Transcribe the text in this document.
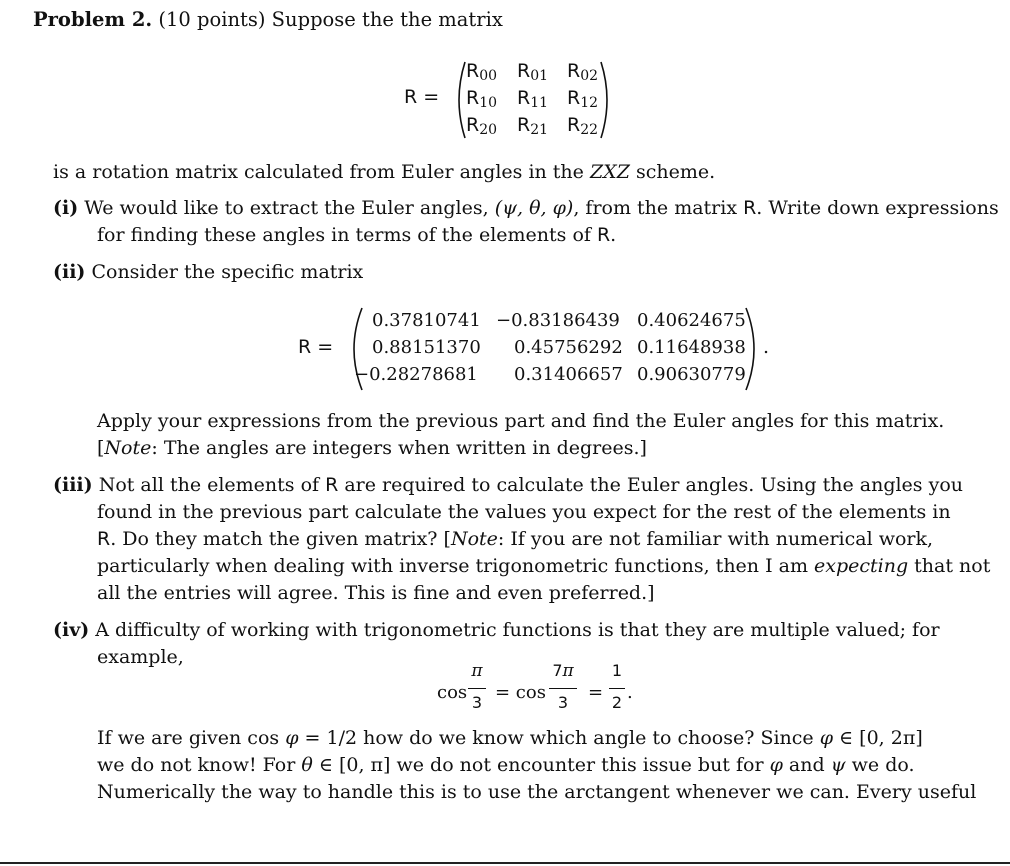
Problem 2. (10 points) Suppose the the matrix
R =
$R_{00}$ $R_{01}$ $R_{02}$
$R_{10}$ $R_{11}$ $R_{12}$
$R_{20}$ $R_{21}$ $R_{22}$
is a rotation matrix calculated from Euler angles in the ZXZ scheme.
(i) We would like to extract the Euler angles, (ψ, θ, φ), from the matrix R. Write down expressions
for finding these angles in terms of the elements of R.
(ii) Consider the specific matrix
R =
0.37810741 −0.83186439 0.40624675
0.88151370 0.45756292 0.11648938
−0.28278681 0.31406657 0.90630779
.
Apply your expressions from the previous part and find the Euler angles for this matrix.
[Note: The angles are integers when written in degrees.]
(iii) Not all the elements of R are required to calculate the Euler angles. Using the angles you
found in the previous part calculate the values you expect for the rest of the elements in
R. Do they match the given matrix? [Note: If you are not familiar with numerical work,
particularly when dealing with inverse trigonometric functions, then I am expecting that not
all the entries will agree. This is fine and even preferred.]
(iv) A difficulty of working with trigonometric functions is that they are multiple valued; for
example,
cos
π
3 = cos
7π
3	=
1
2 .
If we are given cos φ = 1/2 how do we know which angle to choose? Since φ ∈ [0, 2π]
we do not know! For θ ∈ [0, π] we do not encounter this issue but for φ and ψ we do.
Numerically the way to handle this is to use the arctangent whenever we can. Every useful
